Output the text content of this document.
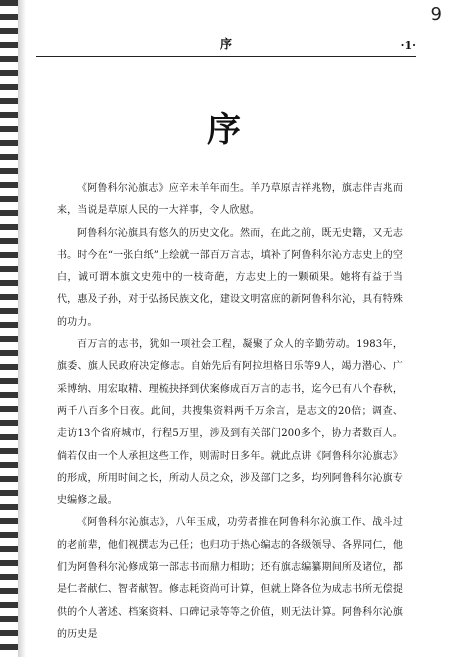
9
序	·1·
序

《阿鲁科尔沁旗志》应辛未羊年而生。羊乃草原吉祥兆物，旗志伴吉兆而来，当说是草原人民的一大祥事，令人欣慰。

阿鲁科尔沁旗具有悠久的历史文化。然而，在此之前，既无史籍，又无志书。时今在“一张白纸”上绘就一部百万言志，填补了阿鲁科尔沁方志史上的空白，诚可谓本旗文史苑中的一枝奇葩，方志史上的一颗硕果。她将有益于当代，惠及子孙，对于弘扬民族文化，建设文明富庶的新阿鲁科尔沁，具有特殊的功力。

百万言的志书，犹如一项社会工程，凝聚了众人的辛勤劳动。1983年，旗委、旗人民政府决定修志。自始先后有阿拉坦格日乐等9人，竭力潜心、广采博纳、用宏取精、理梳抉择到伏案修成百万言的志书，迄今已有八个春秋，两千八百多个日夜。此间，共搜集资料两千万余言，是志文的20倍；调查、走访13个省府城市，行程5万里，涉及到有关部门200多个，协力者数百人。倘若仅由一个人承担这些工作，则需时日多年。就此点讲《阿鲁科尔沁旗志》的形成，所用时间之长，所动人员之众，涉及部门之多，均列阿鲁科尔沁旗专史编修之最。

《阿鲁科尔沁旗志》，八年玉成，功劳者推在阿鲁科尔沁旗工作、战斗过的老前辈，他们视撰志为己任；也归功于热心编志的各级领导、各界同仁，他们为阿鲁科尔沁修成第一部志书而鼎力相助；还有旗志编纂期间所及诸位，都是仁者献仁、智者献智。修志耗资尚可计算，但就上降各位为成志书所无偿提供的个人著述、档案资料、口碑记录等等之价值，则无法计算。阿鲁科尔沁旗的历史是
